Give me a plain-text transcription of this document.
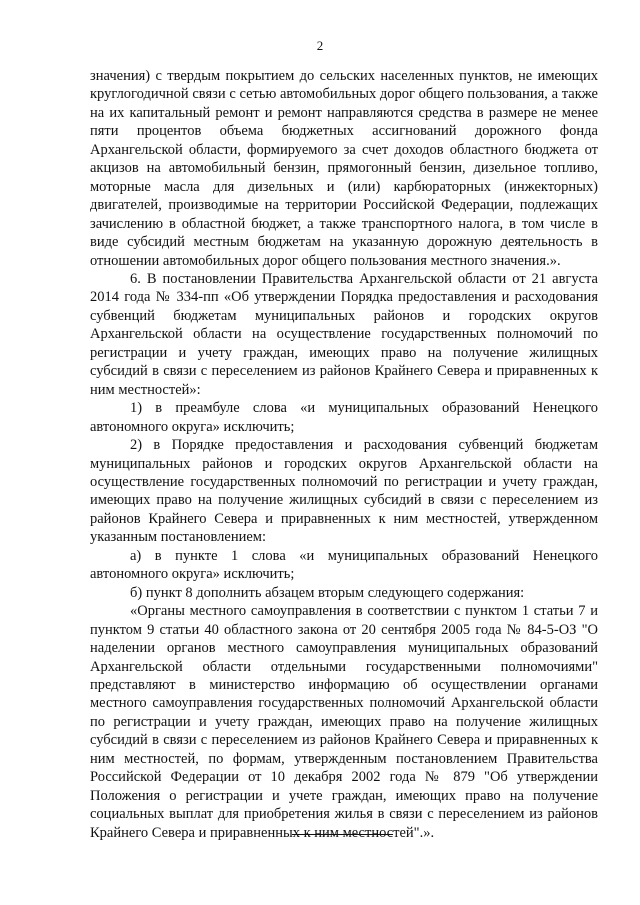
2

значения) с твердым покрытием до сельских населенных пунктов, не имеющих круглогодичной связи с сетью автомобильных дорог общего пользования, а также на их капитальный ремонт и ремонт направляются средства в размере не менее пяти процентов объема бюджетных ассигнований дорожного фонда Архангельской области, формируемого за счет доходов областного бюджета от акцизов на автомобильный бензин, прямогонный бензин, дизельное топливо, моторные масла для дизельных и (или) карбюраторных (инжекторных) двигателей, производимые на территории Российской Федерации, подлежащих зачислению в областной бюджет, а также транспортного налога, в том числе в виде субсидий местным бюджетам на указанную дорожную деятельность в отношении автомобильных дорог общего пользования местного значения.».

6. В постановлении Правительства Архангельской области от 21 августа 2014 года № 334-пп «Об утверждении Порядка предоставления и расходования субвенций бюджетам муниципальных районов и городских округов Архангельской области на осуществление государственных полномочий по регистрации и учету граждан, имеющих право на получение жилищных субсидий в связи с переселением из районов Крайнего Севера и приравненных к ним местностей»:

1) в преамбуле слова «и муниципальных образований Ненецкого автономного округа» исключить;

2) в Порядке предоставления и расходования субвенций бюджетам муниципальных районов и городских округов Архангельской области на осуществление государственных полномочий по регистрации и учету граждан, имеющих право на получение жилищных субсидий в связи с переселением из районов Крайнего Севера и приравненных к ним местностей, утвержденном указанным постановлением:

а) в пункте 1 слова «и муниципальных образований Ненецкого автономного округа» исключить;

б) пункт 8 дополнить абзацем вторым следующего содержания:

«Органы местного самоуправления в соответствии с пунктом 1 статьи 7 и пунктом 9 статьи 40 областного закона от 20 сентября 2005 года № 84-5-ОЗ "О наделении органов местного самоуправления муниципальных образований Архангельской области отдельными государственными полномочиями" представляют в министерство информацию об осуществлении органами местного самоуправления государственных полномочий Архангельской области по регистрации и учету граждан, имеющих право на получение жилищных субсидий в связи с переселением из районов Крайнего Севера и приравненных к ним местностей, по формам, утвержденным постановлением Правительства Российской Федерации от 10 декабря 2002 года № 879 "Об утверждении Положения о регистрации и учете граждан, имеющих право на получение социальных выплат для приобретения жилья в связи с переселением из районов Крайнего Севера и приравненных к ним местностей".».
